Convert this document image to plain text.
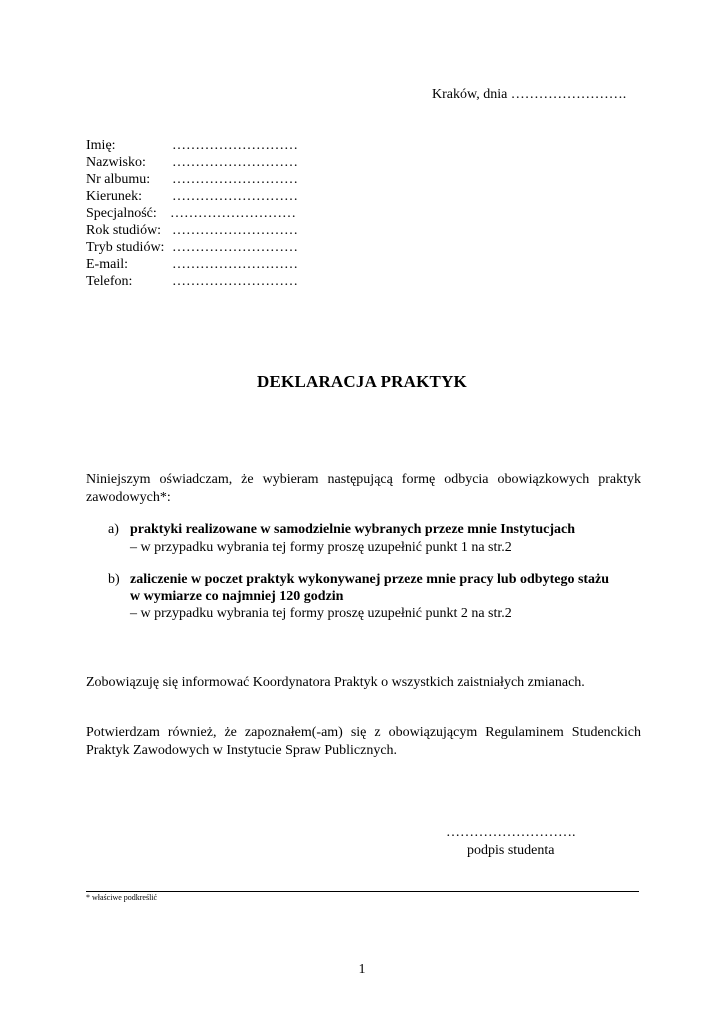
Kraków, dnia …………………….
Imię:	………………………
Nazwisko: ………………………
Nr albumu: ………………………
Kierunek: ………………………
Specjalność: ………………………
Rok studiów: ………………………
Tryb studiów: ………………………
E-mail:	………………………
Telefon:	………………………
DEKLARACJA PRAKTYK
Niniejszym oświadczam, że wybieram następującą formę odbycia obowiązkowych praktyk zawodowych*:
a) praktyki realizowane w samodzielnie wybranych przeze mnie Instytucjach
– w przypadku wybrania tej formy proszę uzupełnić punkt 1 na str.2
b) zaliczenie w poczet praktyk wykonywanej przeze mnie pracy lub odbytego stażu
w wymiarze co najmniej 120 godzin
– w przypadku wybrania tej formy proszę uzupełnić punkt 2 na str.2
Zobowiązuję się informować Koordynatora Praktyk o wszystkich zaistniałych zmianach.
Potwierdzam również, że zapoznałem(-am) się z obowiązującym Regulaminem Studenckich Praktyk Zawodowych w Instytucie Spraw Publicznych.
……………………….
podpis studenta
* właściwe podkreślić
1
